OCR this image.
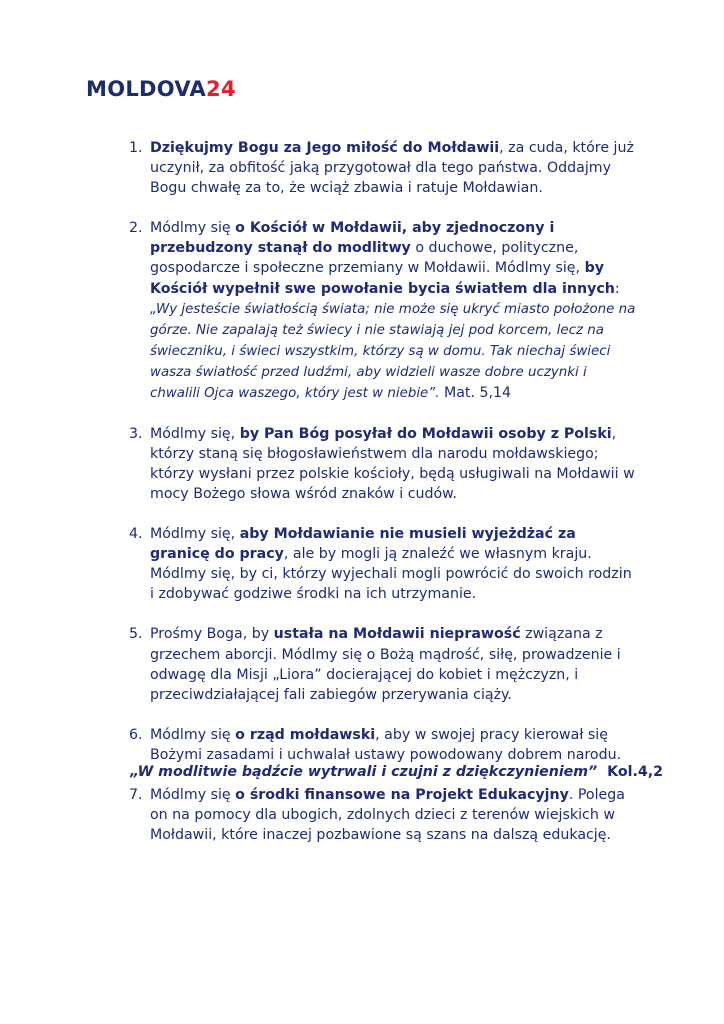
MOLDOVA24
1. Dziękujmy Bogu za Jego miłość do Mołdawii, za cuda, które już uczynił, za obfitość jaką przygotował dla tego państwa. Oddajmy Bogu chwałę za to, że wciąż zbawia i ratuje Mołdawian.
2. Módlmy się o Kościół w Mołdawii, aby zjednoczony i przebudzony stanął do modlitwy o duchowe, polityczne, gospodarcze i społeczne przemiany w Mołdawii. Módlmy się, by Kościół wypełnił swe powołanie bycia światłem dla innych: „Wy jesteście światłością świata; nie może się ukryć miasto położone na górze. Nie zapalają też świecy i nie stawiają jej pod korcem, lecz na świeczniku, i świeci wszystkim, którzy są w domu. Tak niechaj świeci wasza światłość przed ludźmi, aby widzieli wasze dobre uczynki i chwalili Ojca waszego, który jest w niebie”. Mat. 5,14
3. Módlmy się, by Pan Bóg posyłał do Mołdawii osoby z Polski, którzy staną się błogosławieństwem dla narodu mołdawskiego; którzy wysłani przez polskie kościoły, będą usługiwali na Mołdawii w mocy Bożego słowa wśród znaków i cudów.
4. Módlmy się, aby Mołdawianie nie musieli wyjeżdżać za granicę do pracy, ale by mogli ją znaleźć we własnym kraju. Módlmy się, by ci, którzy wyjechali mogli powrócić do swoich rodzin i zdobywać godziwe środki na ich utrzymanie.
5. Prośmy Boga, by ustała na Mołdawii nieprawość związana z grzechem aborcji. Módlmy się o Bożą mądrość, siłę, prowadzenie i odwagę dla Misji „Liora” docierającej do kobiet i mężczyzn, i przeciwdziałającej fali zabiegów przerywania ciąży.
6. Módlmy się o rząd mołdawski, aby w swojej pracy kierował się Bożymi zasadami i uchwalał ustawy powodowany dobrem narodu.
7. Módlmy się o środki finansowe na Projekt Edukacyjny. Polega on na pomocy dla ubogich, zdolnych dzieci z terenów wiejskich w Mołdawii, które inaczej pozbawione są szans na dalszą edukację.
„W modlitwie bądźcie wytrwali i czujni z dziękczynieniem” Kol.4,2
